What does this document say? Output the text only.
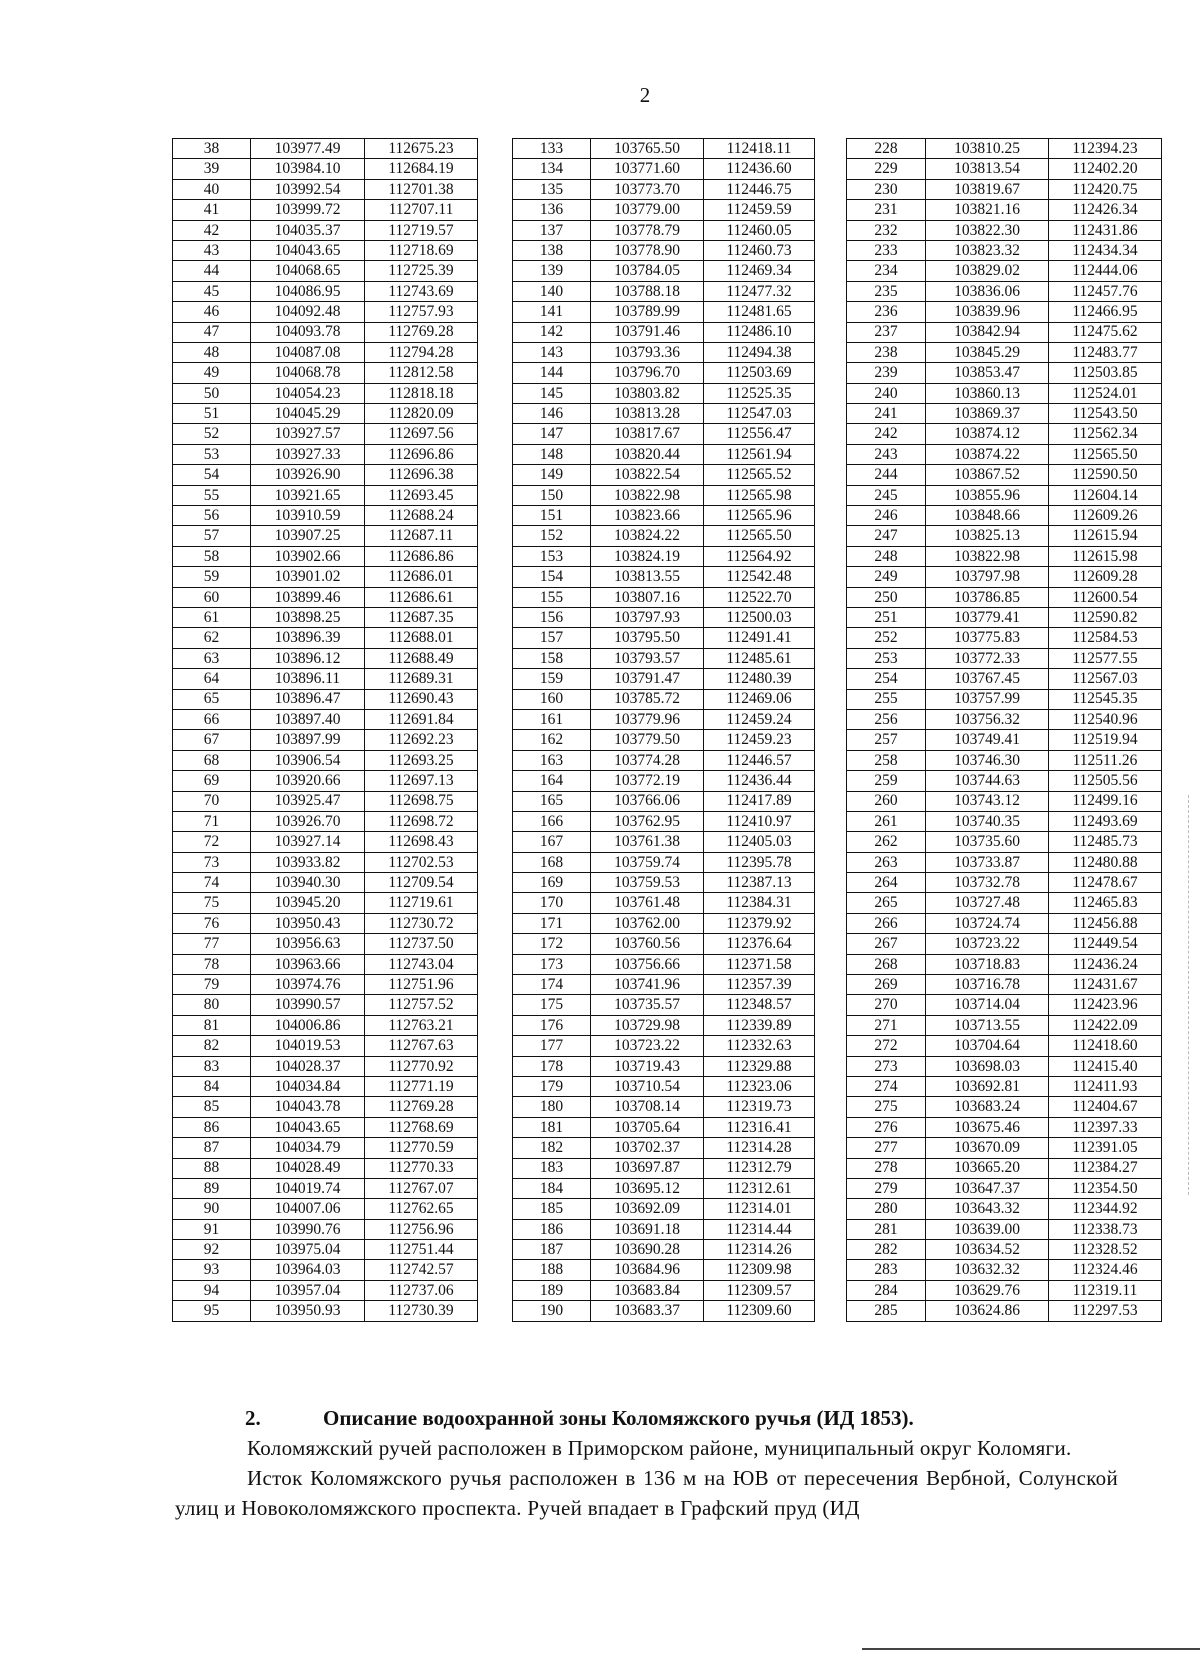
2
38	103977.49	112675.23
39	103984.10	112684.19
40	103992.54	112701.38
41	103999.72	112707.11
42	104035.37	112719.57
43	104043.65	112718.69
44	104068.65	112725.39
45	104086.95	112743.69
46	104092.48	112757.93
47	104093.78	112769.28
48	104087.08	112794.28
49	104068.78	112812.58
50	104054.23	112818.18
51	104045.29	112820.09
52	103927.57	112697.56
53	103927.33	112696.86
54	103926.90	112696.38
55	103921.65	112693.45
56	103910.59	112688.24
57	103907.25	112687.11
58	103902.66	112686.86
59	103901.02	112686.01
60	103899.46	112686.61
61	103898.25	112687.35
62	103896.39	112688.01
63	103896.12	112688.49
64	103896.11	112689.31
65	103896.47	112690.43
66	103897.40	112691.84
67	103897.99	112692.23
68	103906.54	112693.25
69	103920.66	112697.13
70	103925.47	112698.75
71	103926.70	112698.72
72	103927.14	112698.43
73	103933.82	112702.53
74	103940.30	112709.54
75	103945.20	112719.61
76	103950.43	112730.72
77	103956.63	112737.50
78	103963.66	112743.04
79	103974.76	112751.96
80	103990.57	112757.52
81	104006.86	112763.21
82	104019.53	112767.63
83	104028.37	112770.92
84	104034.84	112771.19
85	104043.78	112769.28
86	104043.65	112768.69
87	104034.79	112770.59
88	104028.49	112770.33
89	104019.74	112767.07
90	104007.06	112762.65
91	103990.76	112756.96
92	103975.04	112751.44
93	103964.03	112742.57
94	103957.04	112737.06
95	103950.93	112730.39
133	103765.50	112418.11
134	103771.60	112436.60
135	103773.70	112446.75
136	103779.00	112459.59
137	103778.79	112460.05
138	103778.90	112460.73
139	103784.05	112469.34
140	103788.18	112477.32
141	103789.99	112481.65
142	103791.46	112486.10
143	103793.36	112494.38
144	103796.70	112503.69
145	103803.82	112525.35
146	103813.28	112547.03
147	103817.67	112556.47
148	103820.44	112561.94
149	103822.54	112565.52
150	103822.98	112565.98
151	103823.66	112565.96
152	103824.22	112565.50
153	103824.19	112564.92
154	103813.55	112542.48
155	103807.16	112522.70
156	103797.93	112500.03
157	103795.50	112491.41
158	103793.57	112485.61
159	103791.47	112480.39
160	103785.72	112469.06
161	103779.96	112459.24
162	103779.50	112459.23
163	103774.28	112446.57
164	103772.19	112436.44
165	103766.06	112417.89
166	103762.95	112410.97
167	103761.38	112405.03
168	103759.74	112395.78
169	103759.53	112387.13
170	103761.48	112384.31
171	103762.00	112379.92
172	103760.56	112376.64
173	103756.66	112371.58
174	103741.96	112357.39
175	103735.57	112348.57
176	103729.98	112339.89
177	103723.22	112332.63
178	103719.43	112329.88
179	103710.54	112323.06
180	103708.14	112319.73
181	103705.64	112316.41
182	103702.37	112314.28
183	103697.87	112312.79
184	103695.12	112312.61
185	103692.09	112314.01
186	103691.18	112314.44
187	103690.28	112314.26
188	103684.96	112309.98
189	103683.84	112309.57
190	103683.37	112309.60
228	103810.25	112394.23
229	103813.54	112402.20
230	103819.67	112420.75
231	103821.16	112426.34
232	103822.30	112431.86
233	103823.32	112434.34
234	103829.02	112444.06
235	103836.06	112457.76
236	103839.96	112466.95
237	103842.94	112475.62
238	103845.29	112483.77
239	103853.47	112503.85
240	103860.13	112524.01
241	103869.37	112543.50
242	103874.12	112562.34
243	103874.22	112565.50
244	103867.52	112590.50
245	103855.96	112604.14
246	103848.66	112609.26
247	103825.13	112615.94
248	103822.98	112615.98
249	103797.98	112609.28
250	103786.85	112600.54
251	103779.41	112590.82
252	103775.83	112584.53
253	103772.33	112577.55
254	103767.45	112567.03
255	103757.99	112545.35
256	103756.32	112540.96
257	103749.41	112519.94
258	103746.30	112511.26
259	103744.63	112505.56
260	103743.12	112499.16
261	103740.35	112493.69
262	103735.60	112485.73
263	103733.87	112480.88
264	103732.78	112478.67
265	103727.48	112465.83
266	103724.74	112456.88
267	103723.22	112449.54
268	103718.83	112436.24
269	103716.78	112431.67
270	103714.04	112423.96
271	103713.55	112422.09
272	103704.64	112418.60
273	103698.03	112415.40
274	103692.81	112411.93
275	103683.24	112404.67
276	103675.46	112397.33
277	103670.09	112391.05
278	103665.20	112384.27
279	103647.37	112354.50
280	103643.32	112344.92
281	103639.00	112338.73
282	103634.52	112328.52
283	103632.32	112324.46
284	103629.76	112319.11
285	103624.86	112297.53

2.	Описание водоохранной зоны Коломяжского ручья (ИД 1853).

Коломяжский ручей расположен в Приморском районе, муниципальный округ Коломяги.

Исток Коломяжского ручья расположен в 136 м на ЮВ от пересечения Вербной, Солунской улиц и Новоколомяжского проспекта. Ручей впадает в Графский пруд (ИД
